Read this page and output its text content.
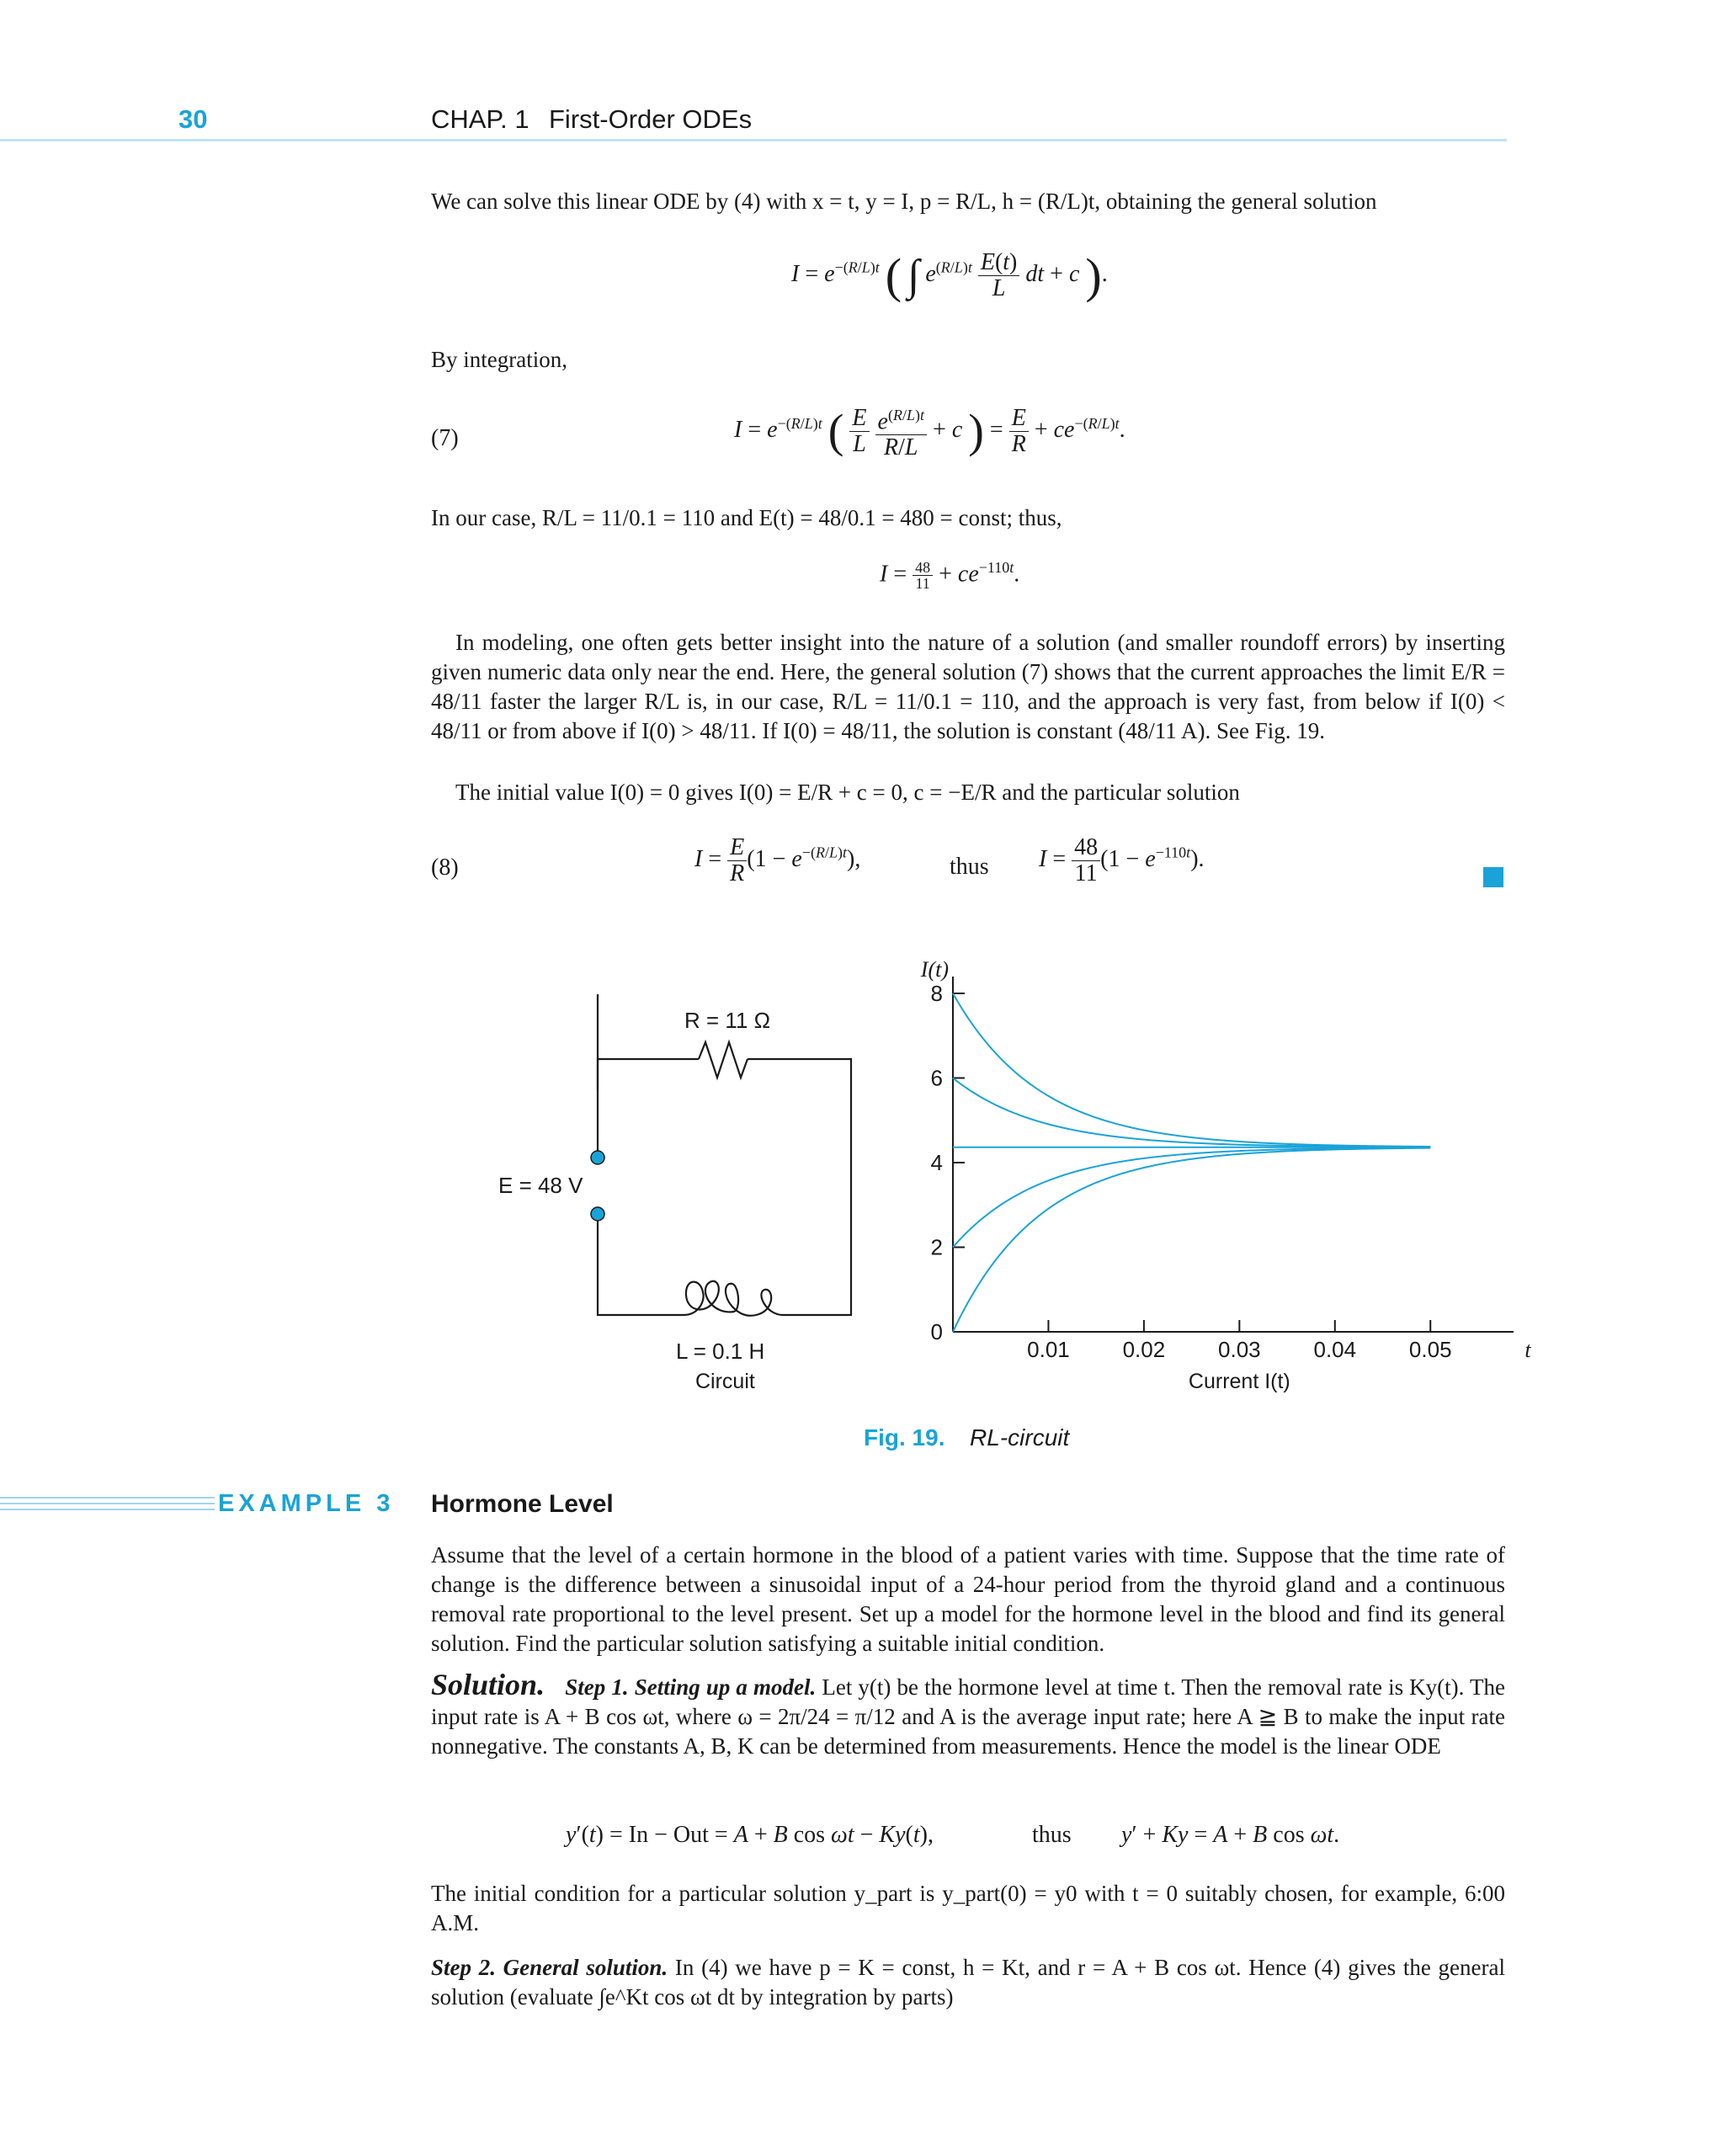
30	CHAP. 1 First-Order ODEs
We can solve this linear ODE by (4) with x = t, y = I, p = R/L, h = (R/L)t, obtaining the general solution
$I = e^{-(R/L)t}$ ( ∫ $e^{(R/L)t} \frac{E(t)}{L}$ dt + c ).
By integration,
(7)	$I = e^{-(R/L)t}$ ( $\frac{E}{L}$
$\frac{e^{(R/L)t}}{R/L} + c$ ) = $\frac{E}{R} + ce^{-(R/L)t}$.
In our case, R/L = 11/0.1 = 110 and E(t) = 48/0.1 = 480 = const; thus,
$I = \frac{48}{11} + ce^{-110t}$.
In modeling, one often gets better insight into the nature of a solution (and smaller roundoff errors) by inserting given numeric data only near the end. Here, the general solution (7) shows that the current approaches the limit E/R = 48/11 faster the larger R/L is, in our case, R/L = 11/0.1 = 110, and the approach is very fast, from below if I(0) < 48/11 or from above if I(0) > 48/11. If I(0) = 48/11, the solution is constant (48/11 A). See Fig. 19.
The initial value I(0) = 0 gives I(0) = E/R + c = 0, c = −E/R and the particular solution
(8)	$I = \frac{E}{R} (1 - e^{-(R/L)t})$,	thus $I = \frac{48}{11} (1 - e^{-110t})$.
R = 11 Ω
E = 48 V
L = 0.1 H
Circuit
0
2
4
6
8
0.01 0.02 0.03 0.04 0.05	t
I(t)
Current I(t)
Fig. 19. RL-circuit
EXAMPLE 3 Hormone Level
Assume that the level of a certain hormone in the blood of a patient varies with time. Suppose that the time rate of change is the difference between a sinusoidal input of a 24-hour period from the thyroid gland and a continuous removal rate proportional to the level present. Set up a model for the hormone level in the blood and find its general solution. Find the particular solution satisfying a suitable initial condition.
Solution. Step 1. Setting up a model. Let y(t) be the hormone level at time t. Then the removal rate is Ky(t). The input rate is A + B cos ωt, where ω = 2π/24 = π/12 and A is the average input rate; here A ≧ B to make the input rate nonnegative. The constants A, B, K can be determined from measurements. Hence the model is the linear ODE
y′(t) = In − Out = A + B cos ωt − Ky(t),	thus y′ + Ky = A + B cos ωt.
The initial condition for a particular solution y_part is y_part(0) = y0 with t = 0 suitably chosen, for example, 6:00 A.M.
Step 2. General solution. In (4) we have p = K = const, h = Kt, and r = A + B cos ωt. Hence (4) gives the general solution (evaluate ∫e^Kt cos ωt dt by integration by parts)
